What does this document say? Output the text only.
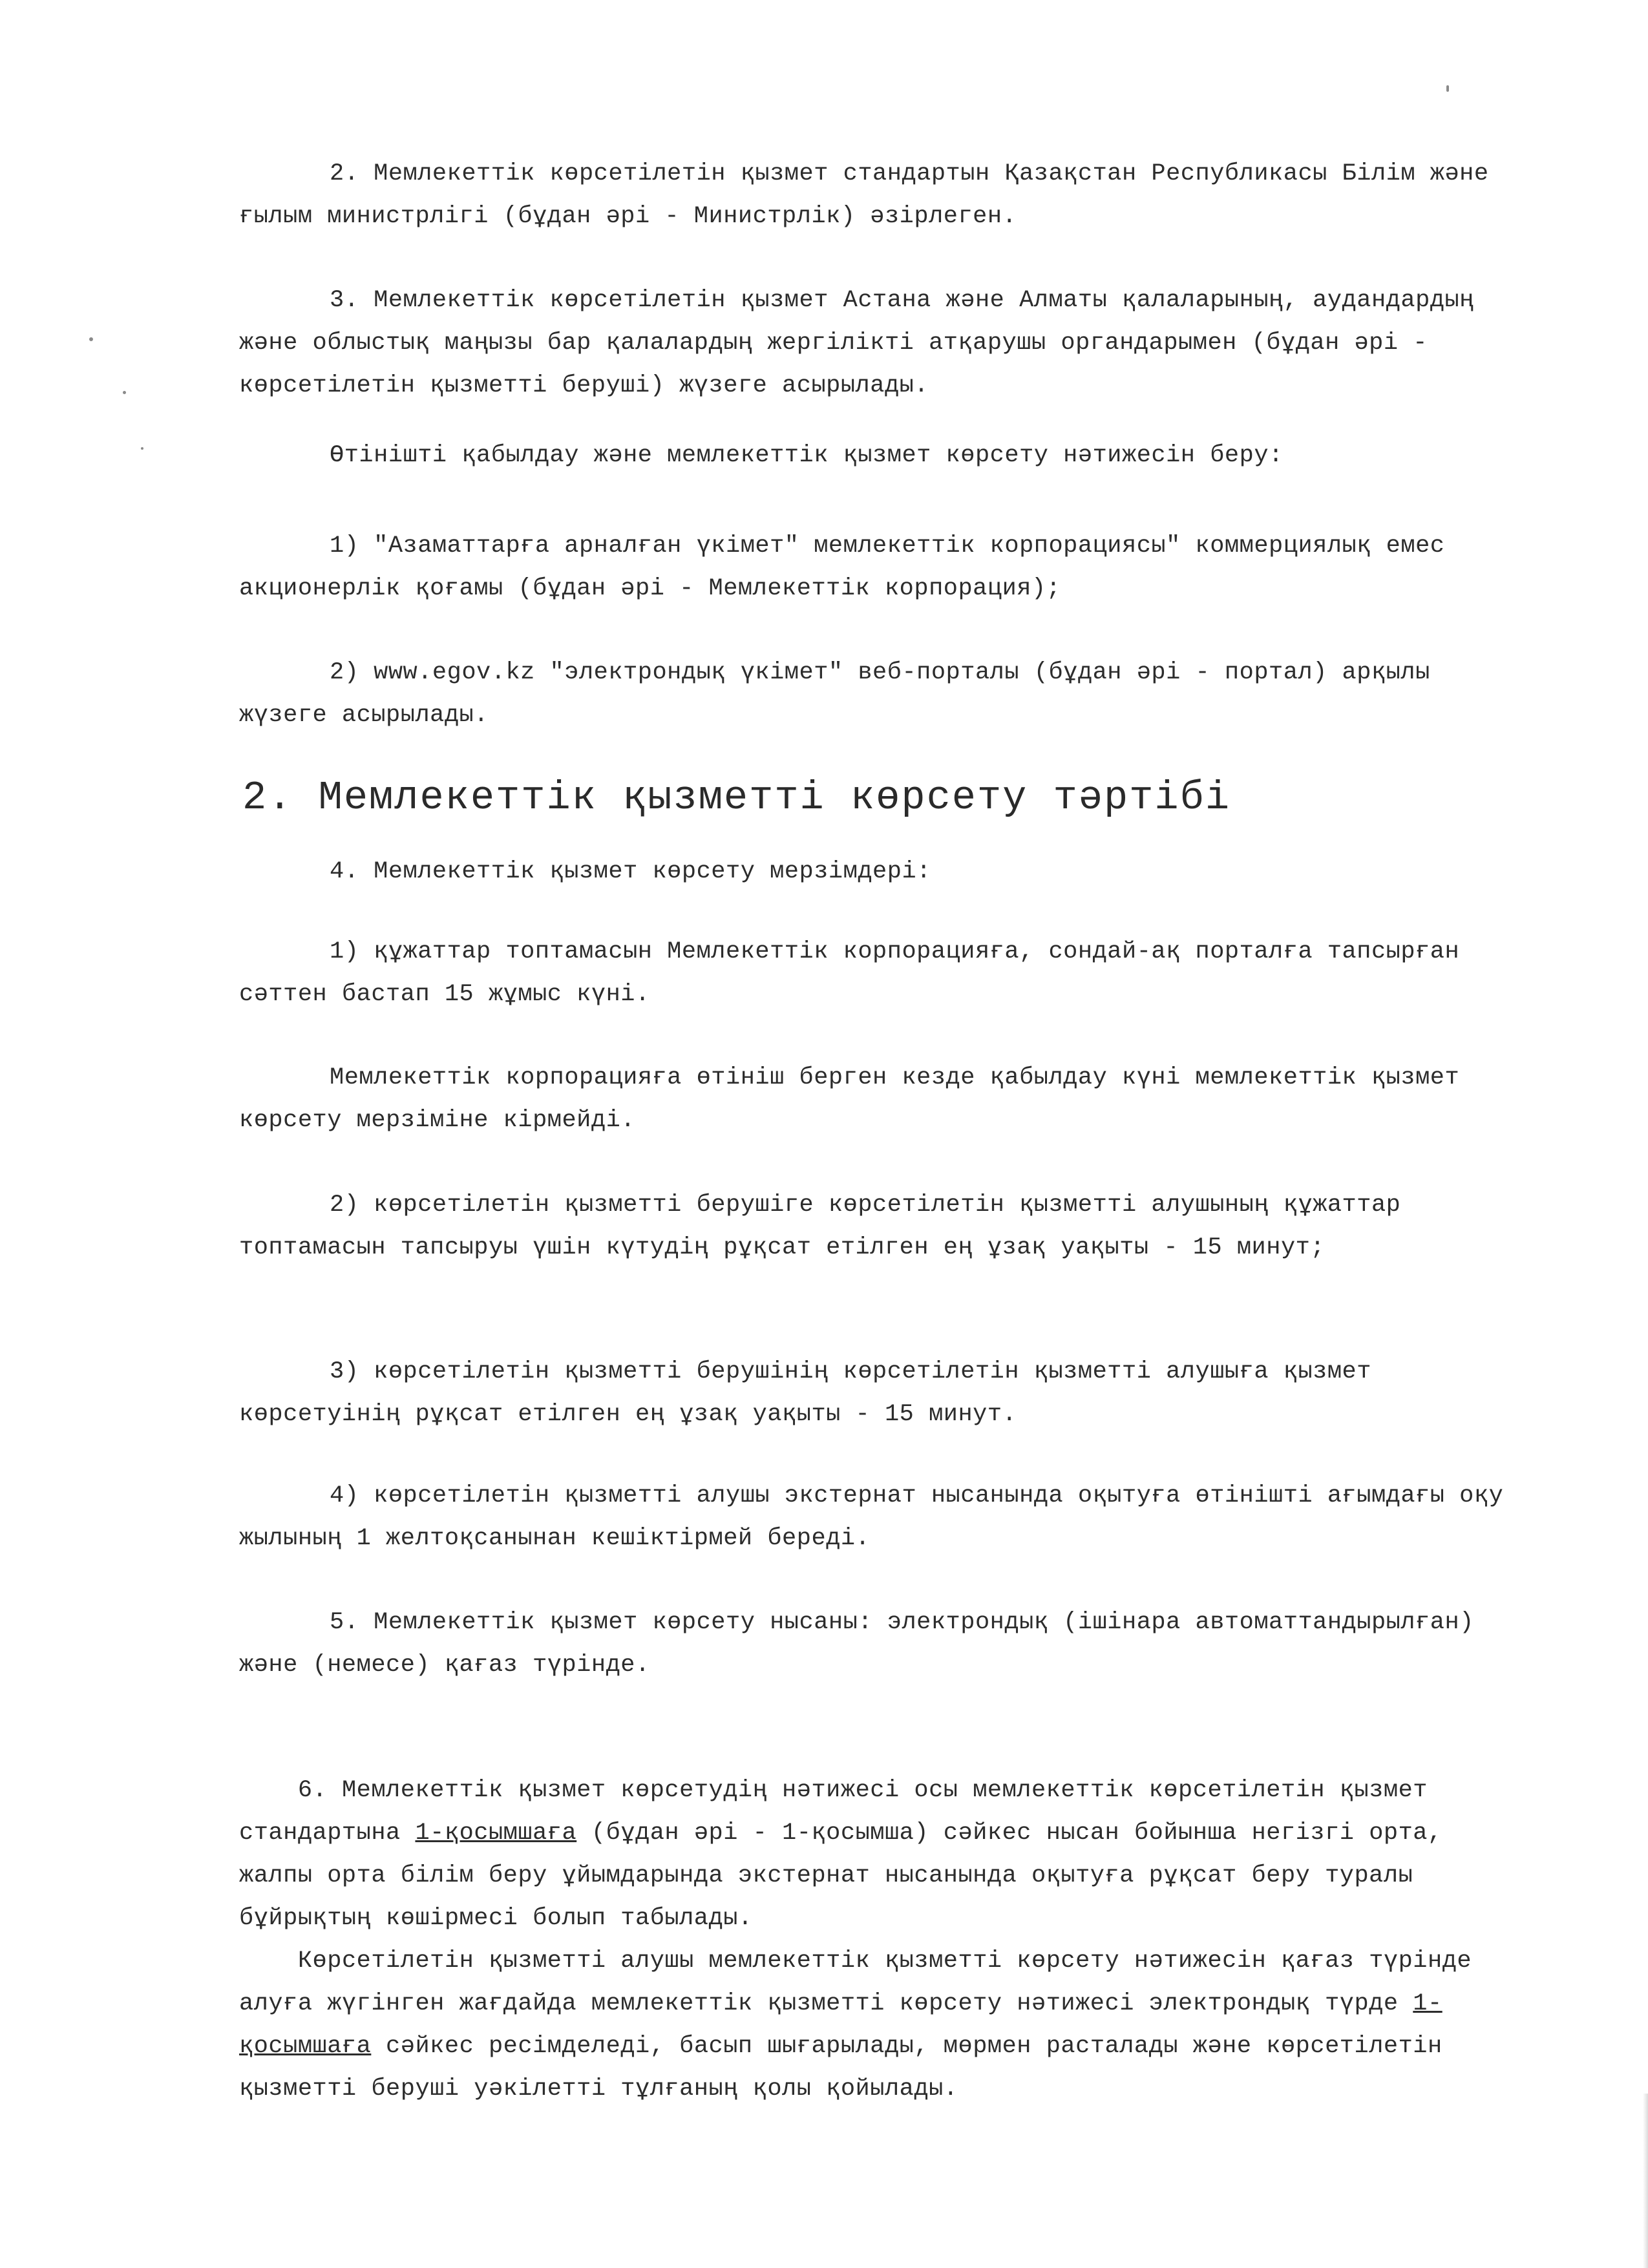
2. Мемлекеттік көрсетілетін қызмет стандартын Қазақстан Республикасы Білім және ғылым министрлігі (бұдан әрі - Министрлік) әзірлеген.
3. Мемлекеттік көрсетілетін қызмет Астана және Алматы қалаларының, аудандардың және облыстық маңызы бар қалалардың жергілікті атқарушы органдарымен (бұдан әрі - көрсетілетін қызметті беруші) жүзеге асырылады.
Өтінішті қабылдау және мемлекеттік қызмет көрсету нәтижесін беру:
1) "Азаматтарға арналған үкімет" мемлекеттік корпорациясы" коммерциялық емес акционерлік қоғамы (бұдан әрі - Мемлекеттік корпорация);
2) www.egov.kz "электрондық үкімет" веб-порталы (бұдан әрі - портал) арқылы жүзеге асырылады.
2. Мемлекеттік қызметті көрсету тәртібі
4. Мемлекеттік қызмет көрсету мерзімдері:
1) құжаттар топтамасын Мемлекеттік корпорацияға, сондай-ақ порталға тапсырған сәттен бастап 15 жұмыс күні.
Мемлекеттік корпорацияға өтініш берген кезде қабылдау күні мемлекеттік қызмет көрсету мерзіміне кірмейді.
2) көрсетілетін қызметті берушіге көрсетілетін қызметті алушының құжаттар топтамасын тапсыруы үшін күтудің рұқсат етілген ең ұзақ уақыты - 15 минут;
3) көрсетілетін қызметті берушінің көрсетілетін қызметті алушыға қызмет көрсетуінің рұқсат етілген ең ұзақ уақыты - 15 минут.
4) көрсетілетін қызметті алушы экстернат нысанында оқытуға өтінішті ағымдағы оқу жылының 1 желтоқсанынан кешіктірмей береді.
5. Мемлекеттік қызмет көрсету нысаны: электрондық (ішінара автоматтандырылған) және (немесе) қағаз түрінде.

6. Мемлекеттік қызмет көрсетудің нәтижесі осы мемлекеттік көрсетілетін қызмет стандартына 1-қосымшаға (бұдан әрі - 1-қосымша) сәйкес нысан бойынша негізгі орта, жалпы орта білім беру ұйымдарында экстернат нысанында оқытуға рұқсат беру туралы бұйрықтың көшірмесі болып табылады.

Көрсетілетін қызметті алушы мемлекеттік қызметті көрсету нәтижесін қағаз түрінде алуға жүгінген жағдайда мемлекеттік қызметті көрсету нәтижесі электрондық түрде 1-қосымшаға сәйкес ресімделеді, басып шығарылады, мөрмен расталады және көрсетілетін қызметті беруші уәкілетті тұлғаның қолы қойылады.
